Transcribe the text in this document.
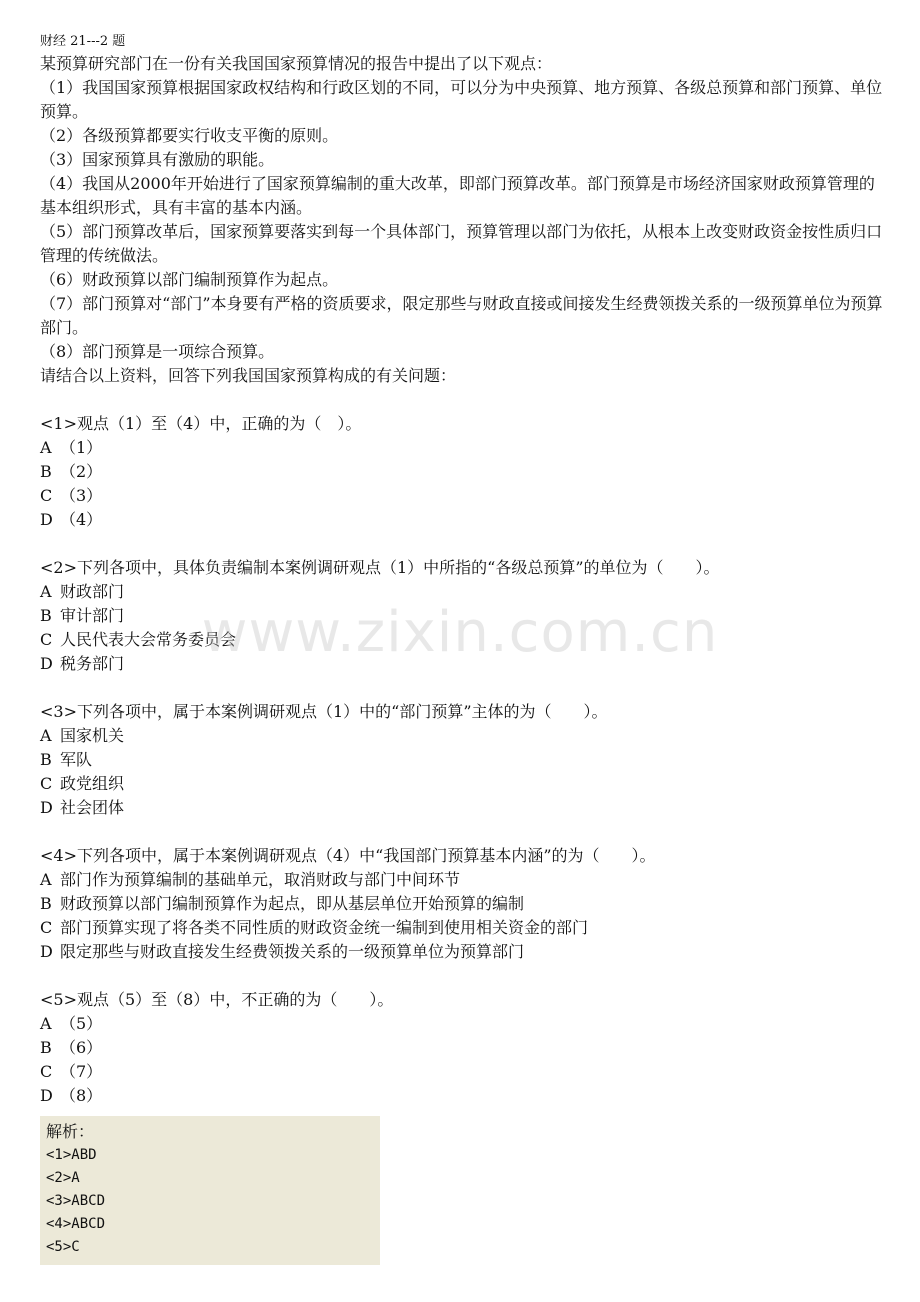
财经 21---2 题
某预算研究部门在一份有关我国国家预算情况的报告中提出了以下观点：
（1）我国国家预算根据国家政权结构和行政区划的不同，可以分为中央预算、地方预算、各级总预算和部门预算、单位预算。
（2）各级预算都要实行收支平衡的原则。
（3）国家预算具有激励的职能。
（4）我国从2000年开始进行了国家预算编制的重大改革，即部门预算改革。部门预算是市场经济国家财政预算管理的基本组织形式，具有丰富的基本内涵。
（5）部门预算改革后，国家预算要落实到每一个具体部门，预算管理以部门为依托，从根本上改变财政资金按性质归口管理的传统做法。
（6）财政预算以部门编制预算作为起点。
（7）部门预算对“部门”本身要有严格的资质要求，限定那些与财政直接或间接发生经费领拨关系的一级预算单位为预算部门。
（8）部门预算是一项综合预算。
请结合以上资料，回答下列我国国家预算构成的有关问题：
<1>观点（1）至（4）中，正确的为（　）。
A （1）
B （2）
C （3）
D （4）
<2>下列各项中，具体负责编制本案例调研观点（1）中所指的“各级总预算”的单位为（　　）。
A 财政部门
B 审计部门
C 人民代表大会常务委员会
D 税务部门
<3>下列各项中，属于本案例调研观点（1）中的“部门预算”主体的为（　　）。
A 国家机关
B 军队
C 政党组织
D 社会团体
<4>下列各项中，属于本案例调研观点（4）中“我国部门预算基本内涵”的为（　　）。
A 部门作为预算编制的基础单元，取消财政与部门中间环节
B 财政预算以部门编制预算作为起点，即从基层单位开始预算的编制
C 部门预算实现了将各类不同性质的财政资金统一编制到使用相关资金的部门
D 限定那些与财政直接发生经费领拨关系的一级预算单位为预算部门
<5>观点（5）至（8）中，不正确的为（　　）。
A （5）
B （6）
C （7）
D （8）
解析：
<1>ABD
<2>A
<3>ABCD
<4>ABCD
<5>C
www.zixin.com.cn
